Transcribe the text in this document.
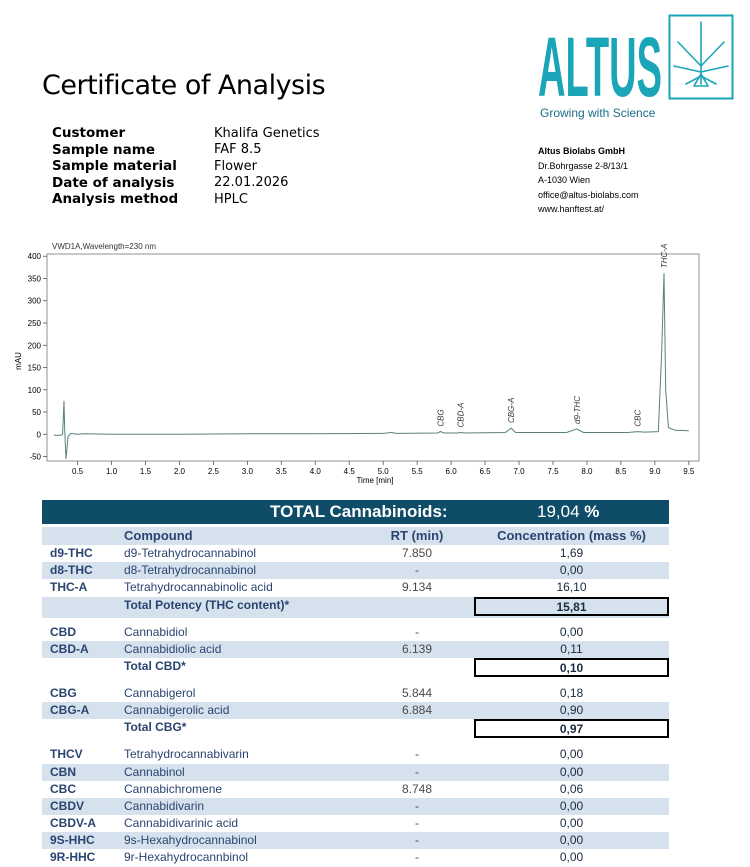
Certificate of Analysis
Customer	Khalifa Genetics
Sample name	FAF 8.5
Sample material	Flower
Date of analysis	22.01.2026
Analysis method	HPLC
ALTUS
Growing with Science
Altus Biolabs GmbH
Dr.Bohrgasse 2-8/13/1
A-1030 Wien
office@altus-biolabs.com
www.hanftest.at/
VWD1A,Wavelength=230 nm
mAU
Time [min]
-50
0
50
100
150
200
250
300
350
400
0.5	1.0	1.5	2.0	2.5	3.0	3.5	4.0	4.5	5.0	5.5	6.0	6.5	7.0	7.5	8.0	8.5	9.0	9.5
CBG CBD-A	CBG-A	d9-THC	CBC
THC-A
TOTAL Cannabinoids:	19,04 %
Compound	RT (min)	Concentration (mass %)
d9-THC	d9-Tetrahydrocannabinol	7.850	1,69
d8-THC	d8-Tetrahydrocannabinol	-	0,00
THC-A	Tetrahydrocannabinolic acid	9.134	16,10
Total Potency (THC content)*	15,81
CBD	Cannabidiol	-	0,00
CBD-A	Cannabidiolic acid	6.139	0,11
Total CBD*	0,10
CBG	Cannabigerol	5.844	0,18
CBG-A	Cannabigerolic acid	6.884	0,90
Total CBG*	0,97
THCV	Tetrahydrocannabivarin	-	0,00
CBN	Cannabinol	-	0,00
CBC	Cannabichromene	8.748	0,06
CBDV	Cannabidivarin	-	0,00
CBDV-A Cannabidivarinic acid	-	0,00
9S-HHC 9s-Hexahydrocannabinol	-	0,00
9R-HHC 9r-Hexahydrocannbinol	-	0,00
